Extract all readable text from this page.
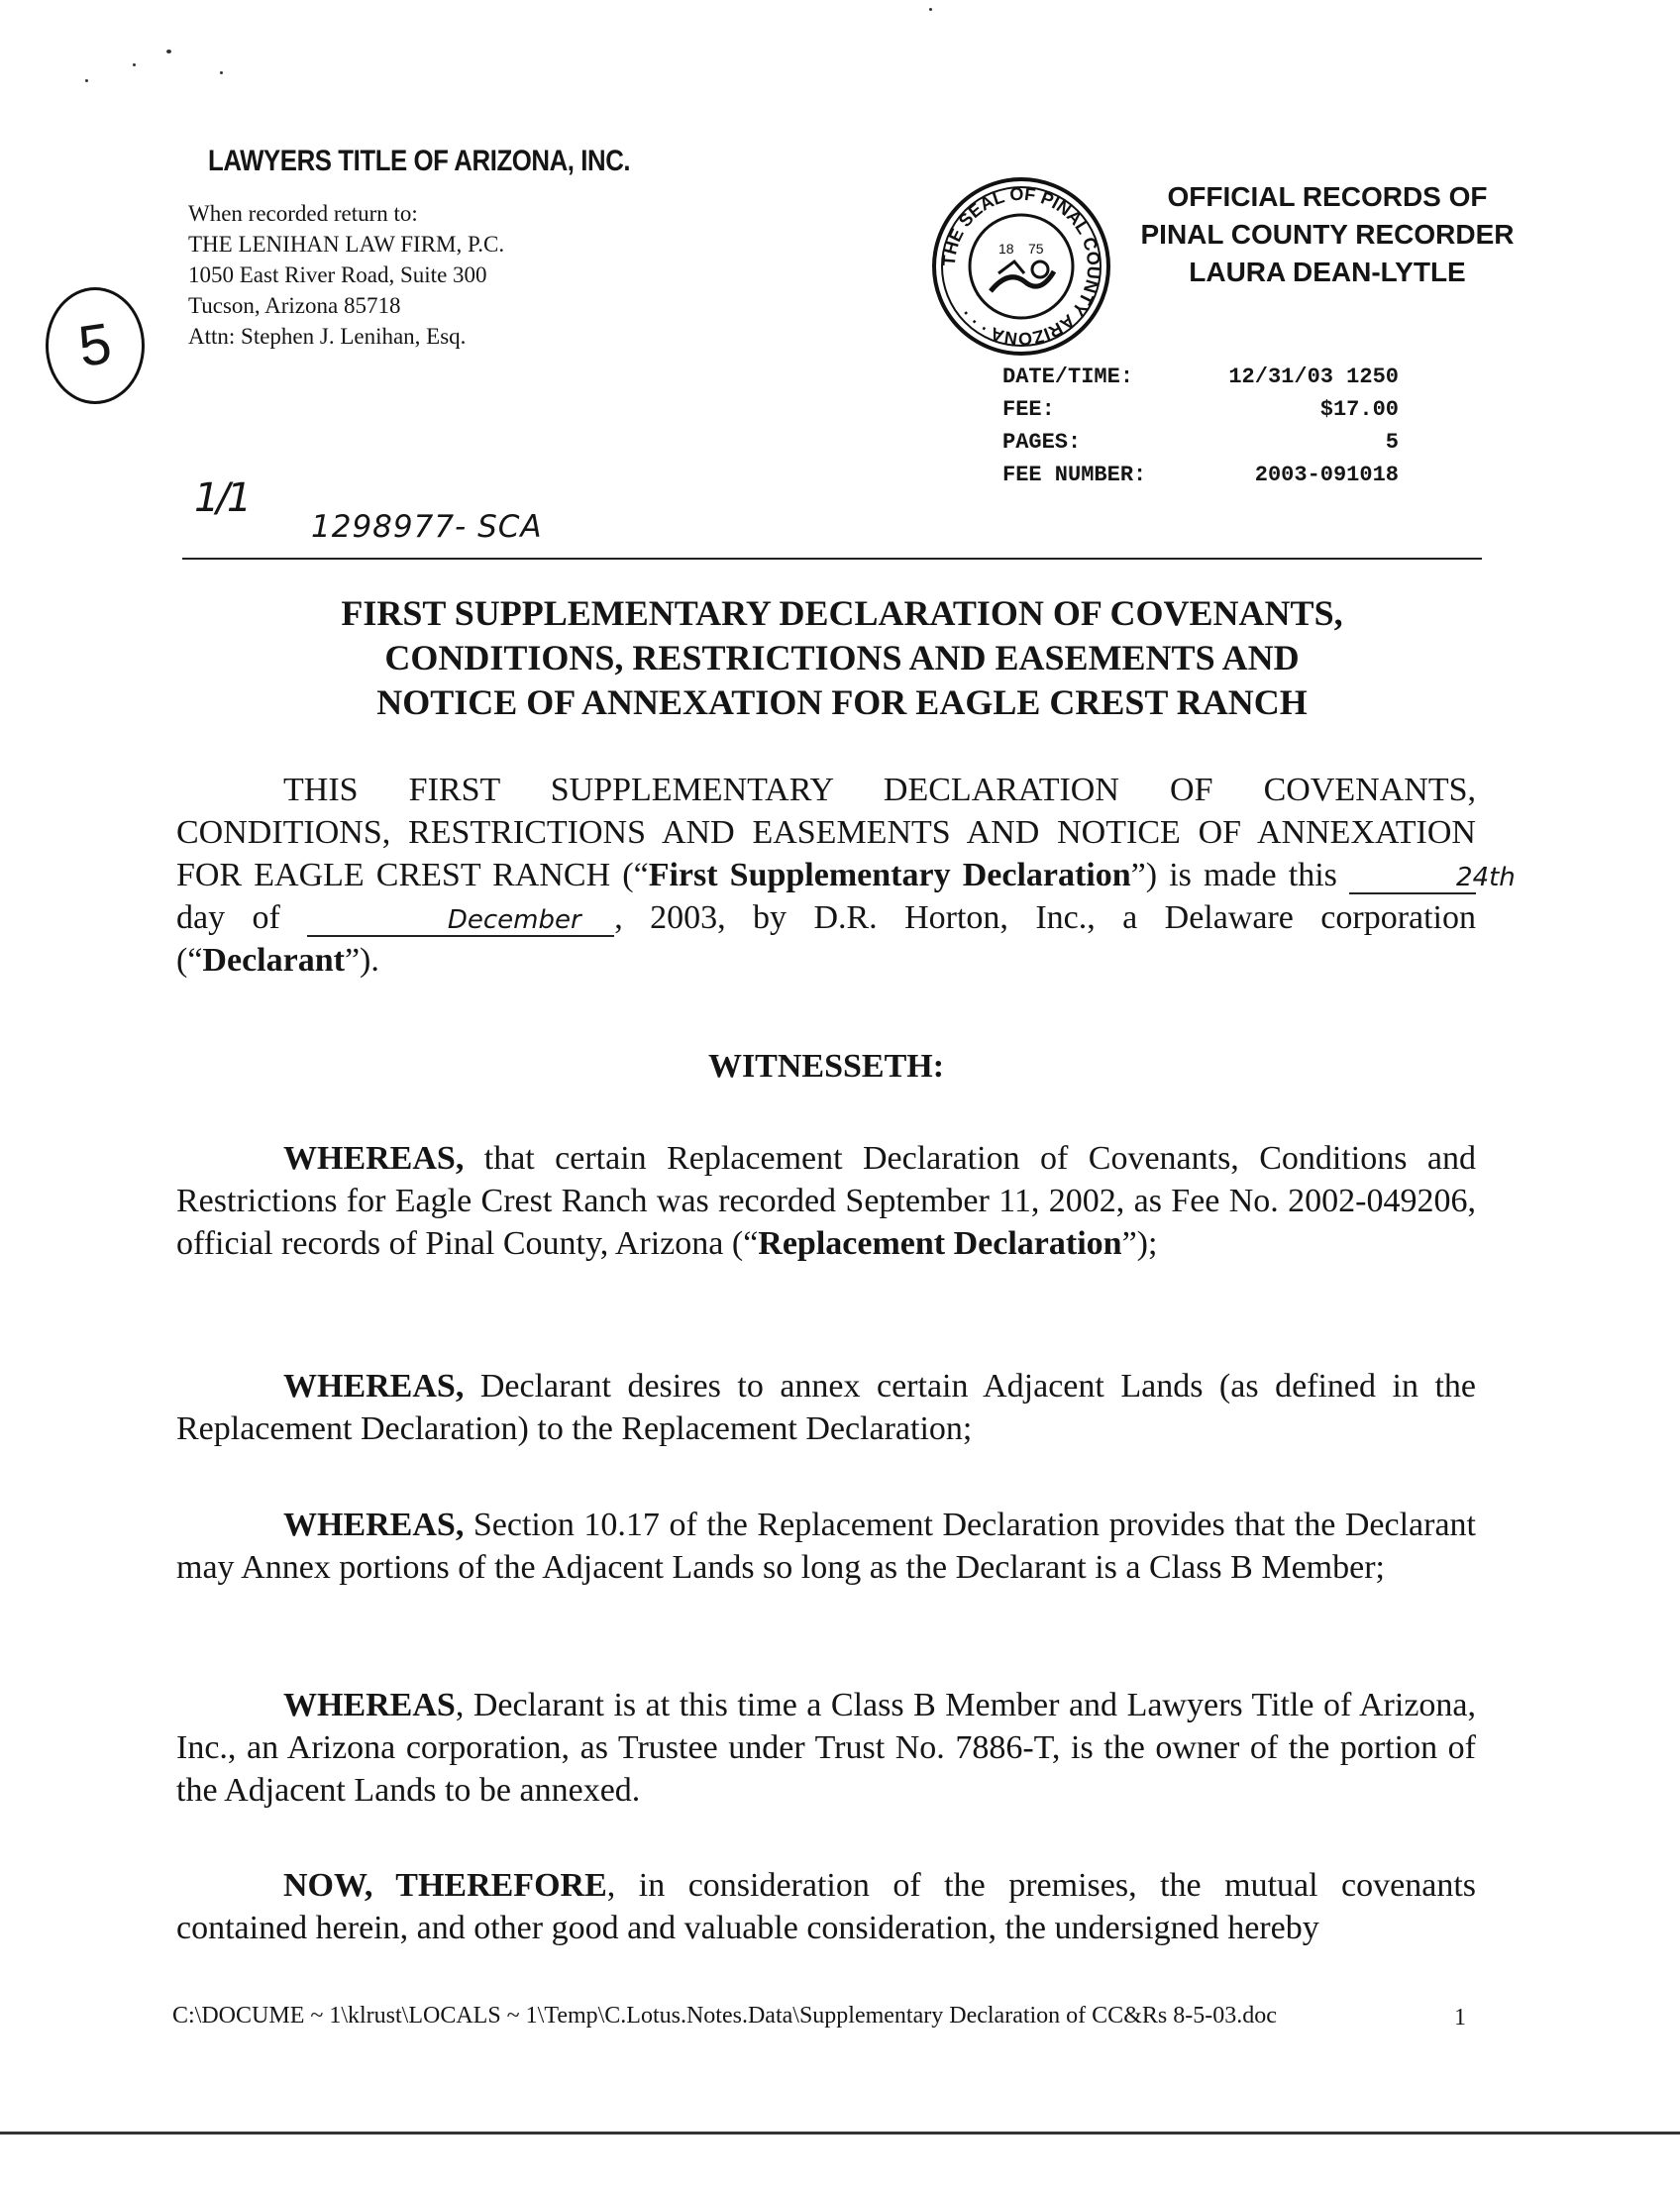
LAWYERS TITLE OF ARIZONA, INC.
When recorded return to:
THE LENIHAN LAW FIRM, P.C.
1050 East River Road, Suite 300
Tucson, Arizona 85718
Attn: Stephen J. Lenihan, Esq.
5
THE SEAL OF PINAL COUNTY ARIZONA · · ·
18 75
OFFICIAL RECORDS OF
PINAL COUNTY RECORDER
LAURA DEAN-LYTLE
DATE/TIME:	12/31/03 1250
FEE:	$17.00
PAGES:	5
FEE NUMBER:	2003-091018
1/1
1298977- SCA
FIRST SUPPLEMENTARY DECLARATION OF COVENANTS,
CONDITIONS, RESTRICTIONS AND EASEMENTS AND
NOTICE OF ANNEXATION FOR EAGLE CREST RANCH
THIS FIRST SUPPLEMENTARY DECLARATION OF COVENANTS, CONDITIONS, RESTRICTIONS AND EASEMENTS AND NOTICE OF ANNEXATION FOR EAGLE CREST RANCH (“First Supplementary Declaration”) is made this	24th day of	December , 2003, by D.R. Horton, Inc., a Delaware corporation (“Declarant”).
WITNESSETH:
WHEREAS, that certain Replacement Declaration of Covenants, Conditions and Restrictions for Eagle Crest Ranch was recorded September 11, 2002, as Fee No. 2002-049206, official records of Pinal County, Arizona (“Replacement Declaration”);
WHEREAS, Declarant desires to annex certain Adjacent Lands (as defined in the Replacement Declaration) to the Replacement Declaration;
WHEREAS, Section 10.17 of the Replacement Declaration provides that the Declarant may Annex portions of the Adjacent Lands so long as the Declarant is a Class B Member;
WHEREAS, Declarant is at this time a Class B Member and Lawyers Title of Arizona, Inc., an Arizona corporation, as Trustee under Trust No. 7886-T, is the owner of the portion of the Adjacent Lands to be annexed.
NOW, THEREFORE, in consideration of the premises, the mutual covenants contained herein, and other good and valuable consideration, the undersigned hereby
C:\DOCUME ~ 1\klrust\LOCALS ~ 1\Temp\C.Lotus.Notes.Data\Supplementary Declaration of CC&Rs 8-5-03.doc	1
